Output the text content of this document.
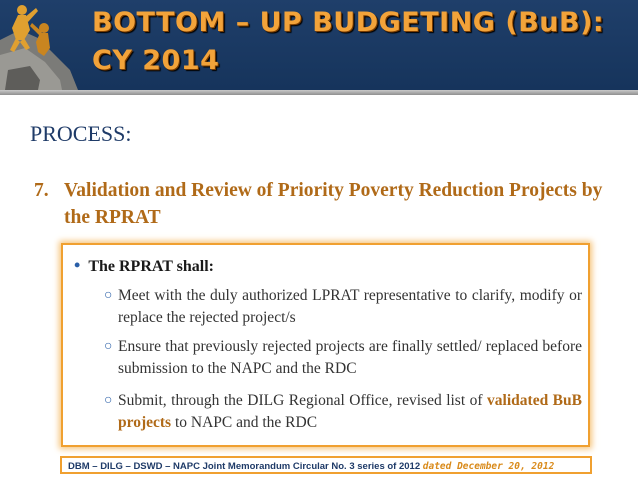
BOTTOM – UP BUDGETING (BuB):
CY 2014
PROCESS:
7. Validation and Review of Priority Poverty Reduction Projects by the RPRAT
• The RPRAT shall:
○ Meet with the duly authorized LPRAT representative to clarify, modify or replace the rejected project/s
○ Ensure that previously rejected projects are finally settled/ replaced before submission to the NAPC and the RDC
○ Submit, through the DILG Regional Office, revised list of validated BuB projects to NAPC and the RDC
DBM – DILG – DSWD – NAPC Joint Memorandum Circular No. 3 series of 2012 dated December 20, 2012
